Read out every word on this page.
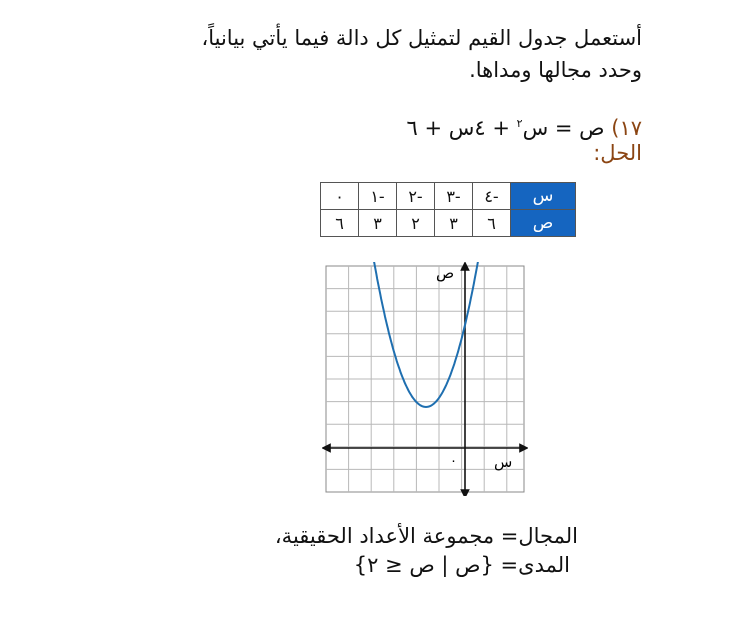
أستعمل جدول القيم لتمثيل كل دالة فيما يأتي بيانياً،
وحدد مجالها ومداها.
١٧) ص = س$^٢$ + ٤س + ٦
الحل:
٠	-١	-٢	-٣	-٤	س
٦	٣	٢	٣	٦	ص
ص
س
٠
المجال= مجموعة الأعداد الحقيقية،
المدى= {ص | ص ≤ ٢}
